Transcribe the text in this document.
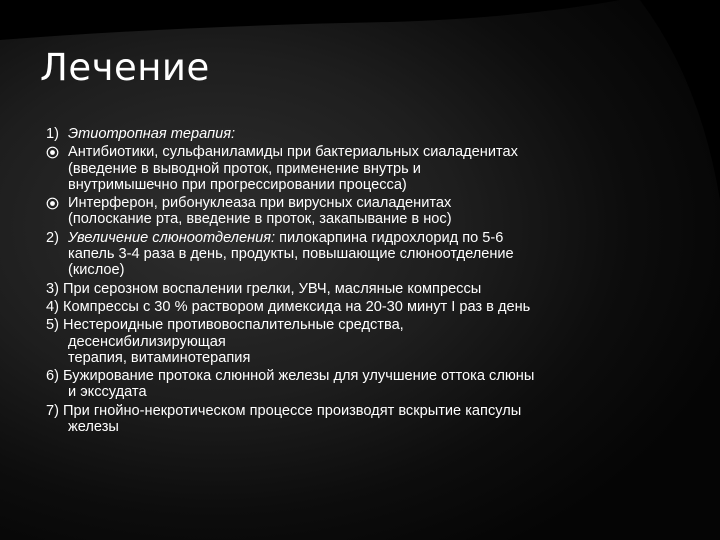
Лечение
1) Этиотропная терапия:
Антибиотики, сульфаниламиды при бактериальных сиаладенитах
(введение в выводной проток, применение внутрь и
внутримышечно при прогрессировании процесса)
Интерферон, рибонуклеаза при вирусных сиаладенитах
(полоскание рта, введение в проток, закапывание в нос)
2) Увеличение слюноотделения: пилокарпина гидрохлорид по 5-6
капель 3-4 раза в день, продукты, повышающие слюноотделение
(кислое)
3) При серозном воспалении грелки, УВЧ, масляные компрессы
4) Компрессы с 30 % раствором димексида на 20-30 минут I раз в день
5) Нестероидные противовоспалительные средства,
десенсибилизирующая
терапия, витаминотерапия
6) Бужирование протока слюнной железы для улучшение оттока слюны
и экссудата
7) При гнойно-некротическом процессе производят вскрытие капсулы
железы
